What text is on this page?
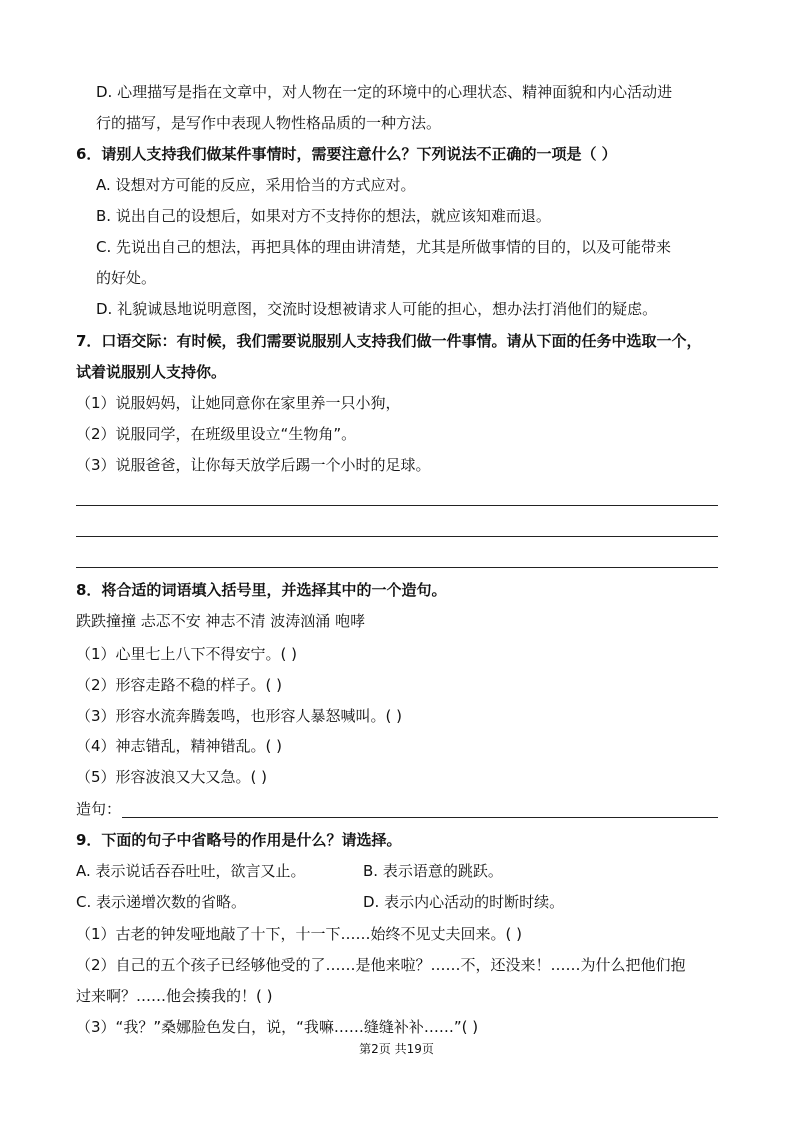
D. 心理描写是指在文章中，对人物在一定的环境中的心理状态、精神面貌和内心活动进
行的描写，是写作中表现人物性格品质的一种方法。
6．请别人支持我们做某件事情时，需要注意什么？下列说法不正确的一项是（ ）
A. 设想对方可能的反应，采用恰当的方式应对。
B. 说出自己的设想后，如果对方不支持你的想法，就应该知难而退。
C. 先说出自己的想法，再把具体的理由讲清楚，尤其是所做事情的目的，以及可能带来
的好处。
D. 礼貌诚恳地说明意图，交流时设想被请求人可能的担心，想办法打消他们的疑虑。
7．口语交际：有时候，我们需要说服别人支持我们做一件事情。请从下面的任务中选取一个，
试着说服别人支持你。
（1）说服妈妈，让她同意你在家里养一只小狗，
（2）说服同学，在班级里设立“生物角”。
（3）说服爸爸，让你每天放学后踢一个小时的足球。
8．将合适的词语填入括号里，并选择其中的一个造句。
跌跌撞撞 忐忑不安 神志不清 波涛汹涌 咆哮
（1）心里七上八下不得安宁。( )
（2）形容走路不稳的样子。( )
（3）形容水流奔腾轰鸣，也形容人暴怒喊叫。( )
（4）神志错乱，精神错乱。( )
（5）形容波浪又大又急。( )
造句：
9．下面的句子中省略号的作用是什么？请选择。
A. 表示说话吞吞吐吐，欲言又止。	B. 表示语意的跳跃。
C. 表示递增次数的省略。	D. 表示内心活动的时断时续。
（1）古老的钟发哑地敲了十下，十一下……始终不见丈夫回来。( )
（2）自己的五个孩子已经够他受的了……是他来啦？……不，还没来！……为什么把他们抱
过来啊？……他会揍我的！( )
（3）“我？”桑娜脸色发白，说，“我嘛……缝缝补补……”( )
第2页 共19页
